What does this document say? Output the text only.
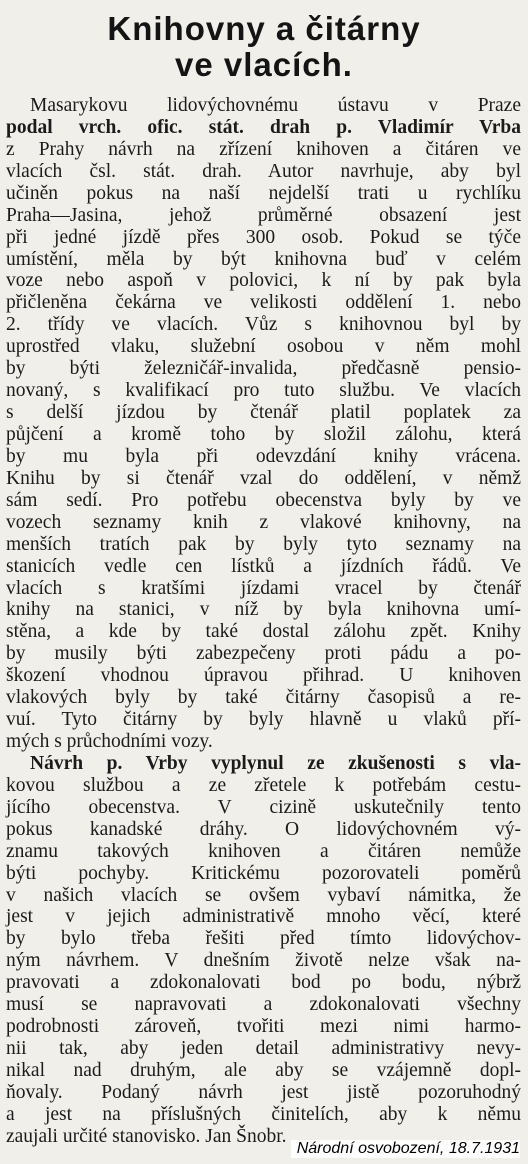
Knihovny a čitárny
ve vlacích.
Masarykovu lidovýchovnému ústavu v Praze
podal vrch. ofic. stát. drah p. Vladimír Vrba
z Prahy návrh na zřízení knihoven a čitáren ve
vlacích čsl. stát. drah. Autor navrhuje, aby byl
učiněn pokus na naší nejdelší trati u rychlíku
Praha—Jasina, jehož průměrné obsazení jest
při jedné jízdě přes 300 osob. Pokud se týče
umístění, měla by být knihovna buď v celém
voze nebo aspoň v polovici, k ní by pak byla
přičleněna čekárna ve velikosti oddělení 1. nebo
2. třídy ve vlacích. Vůz s knihovnou byl by
uprostřed vlaku, služební osobou v něm mohl
by býti železničář-invalida, předčasně pensio-
novaný, s kvalifikací pro tuto službu. Ve vlacích
s delší jízdou by čtenář platil poplatek za
půjčení a kromě toho by složil zálohu, která
by mu byla při odevzdání knihy vrácena.
Knihu by si čtenář vzal do oddělení, v němž
sám sedí. Pro potřebu obecenstva byly by ve
vozech seznamy knih z vlakové knihovny, na
menších tratích pak by byly tyto seznamy na
stanicích vedle cen lístků a jízdních řádů. Ve
vlacích s kratšími jízdami vracel by čtenář
knihy na stanici, v níž by byla knihovna umí-
stěna, a kde by také dostal zálohu zpět. Knihy
by musily býti zabezpečeny proti pádu a po-
škození vhodnou úpravou přihrad. U knihoven
vlakových byly by také čitárny časopisů a re-
vuí. Tyto čitárny by byly hlavně u vlaků pří-
mých s průchodními vozy.
Návrh p. Vrby vyplynul ze zkušenosti s vla-
kovou službou a ze zřetele k potřebám cestu-
jícího obecenstva. V cizině uskutečnily tento
pokus kanadské dráhy. O lidovýchovném vý-
znamu takových knihoven a čitáren nemůže
býti pochyby. Kritickému pozorovateli poměrů
v našich vlacích se ovšem vybaví námitka, že
jest v jejich administrativě mnoho věcí, které
by bylo třeba řešiti před tímto lidovýchov-
ným návrhem. V dnešním životě nelze však na-
pravovati a zdokonalovati bod po bodu, nýbrž
musí se napravovati a zdokonalovati všechny
podrobnosti zároveň, tvořiti mezi nimi harmo-
nii tak, aby jeden detail administrativy nevy-
nikal nad druhým, ale aby se vzájemně dopl-
ňovaly. Podaný návrh jest jistě pozoruhodný
a jest na příslušných činitelích, aby k němu
zaujali určité stanovisko. Jan Šnobr.
Národní osvobození, 18.7.1931
